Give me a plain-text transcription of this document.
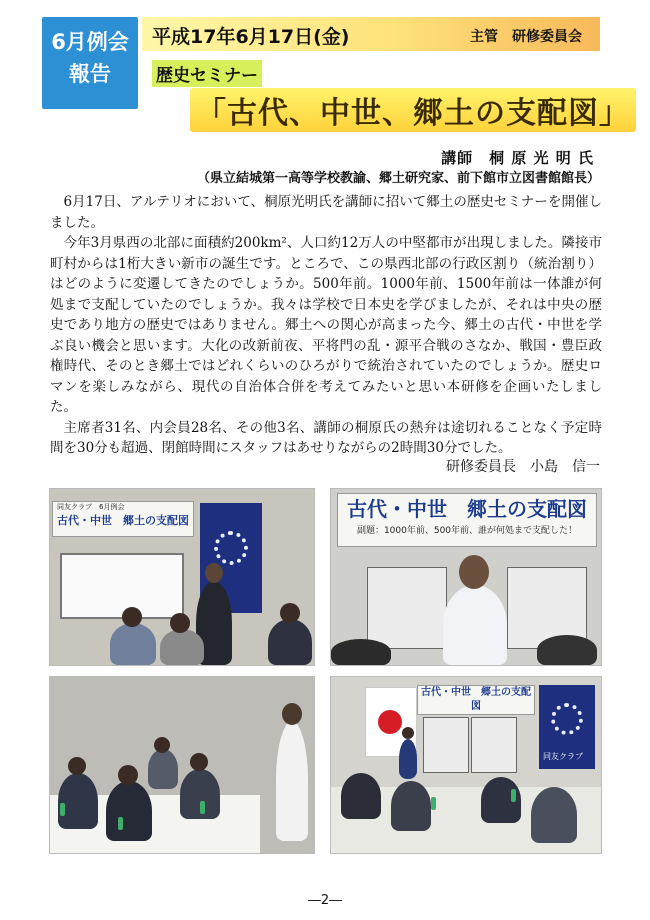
6月例会
報告
平成17年6月17日(金)	主管　研修委員会
歴史セミナー
「古代、中世、郷土の支配図」
講師　桐 原 光 明 氏
（県立結城第一高等学校教諭、郷土研究家、前下館市立図書館館長）

6月17日、アルテリオにおいて、桐原光明氏を講師に招いて郷土の歴史セミナーを開催しました。

今年3月県西の北部に面積約200km²、人口約12万人の中堅都市が出現しました。隣接市町村からは1桁大きい新市の誕生です。ところで、この県西北部の行政区割り（統治割り）はどのように変遷してきたのでしょうか。500年前。1000年前、1500年前は一体誰が何処まで支配していたのでしょうか。我々は学校で日本史を学びましたが、それは中央の歴史であり地方の歴史ではありません。郷土への関心が高まった今、郷土の古代・中世を学ぶ良い機会と思います。大化の改新前夜、平将門の乱・源平合戦のさなか、戦国・豊臣政権時代、そのとき郷土ではどれくらいのひろがりで統治されていたのでしょうか。歴史ロマンを楽しみながら、現代の自治体合併を考えてみたいと思い本研修を企画いたしました。

主席者31名、内会員28名、その他3名、講師の桐原氏の熱弁は途切れることなく予定時間を30分も超過、閉館時間にスタッフはあせりながらの2時間30分でした。

研修委員長　小島　信一
同友クラブ　6月例会
古代・中世　郷土の支配図	古代・中世　郷土の支配図
副題：1000年前、500年前、誰が何処まで支配した！
古代・中世　郷土の支配図
同友クラブ
―2―
